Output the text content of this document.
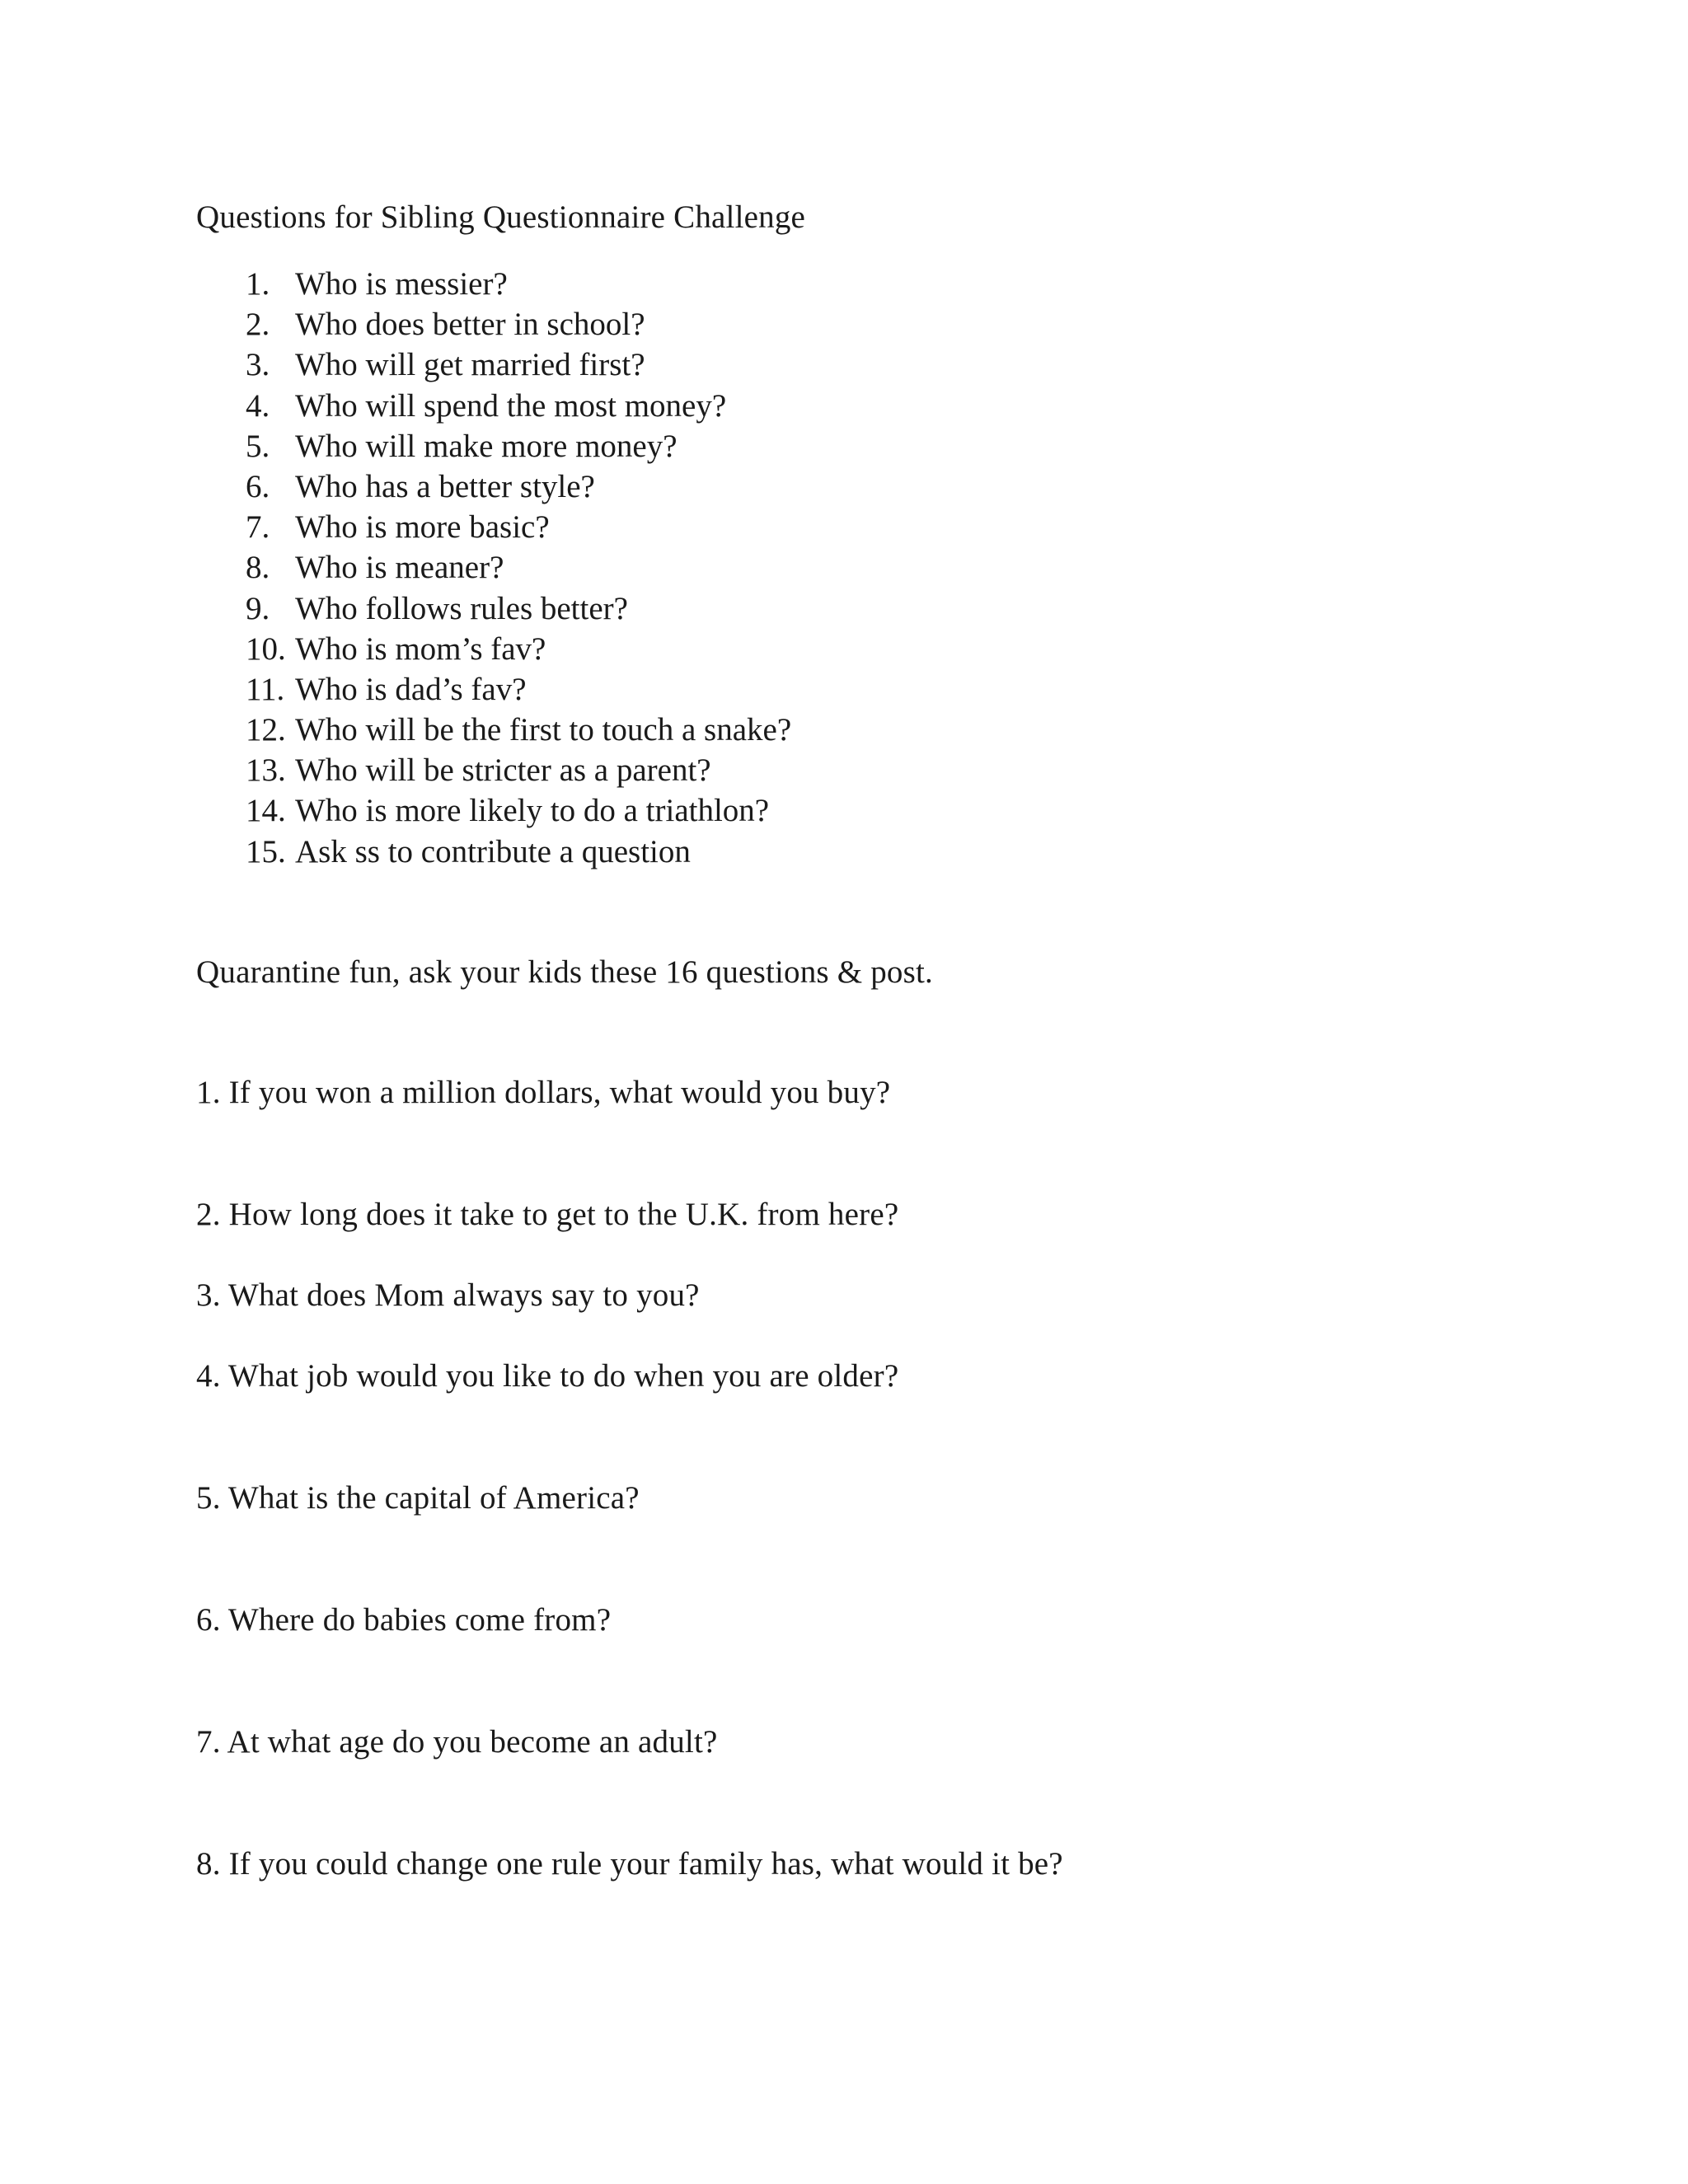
Questions for Sibling Questionnaire Challenge
1. Who is messier?
2. Who does better in school?
3. Who will get married first?
4. Who will spend the most money?
5. Who will make more money?
6. Who has a better style?
7. Who is more basic?
8. Who is meaner?
9. Who follows rules better?
10. Who is mom’s fav?
11. Who is dad’s fav?
12. Who will be the first to touch a snake?
13. Who will be stricter as a parent?
14. Who is more likely to do a triathlon?
15. Ask ss to contribute a question
Quarantine fun, ask your kids these 16 questions & post.
1. If you won a million dollars, what would you buy?
2. How long does it take to get to the U.K. from here?
3. What does Mom always say to you?
4. What job would you like to do when you are older?
5. What is the capital of America?
6. Where do babies come from?
7. At what age do you become an adult?
8. If you could change one rule your family has, what would it be?
